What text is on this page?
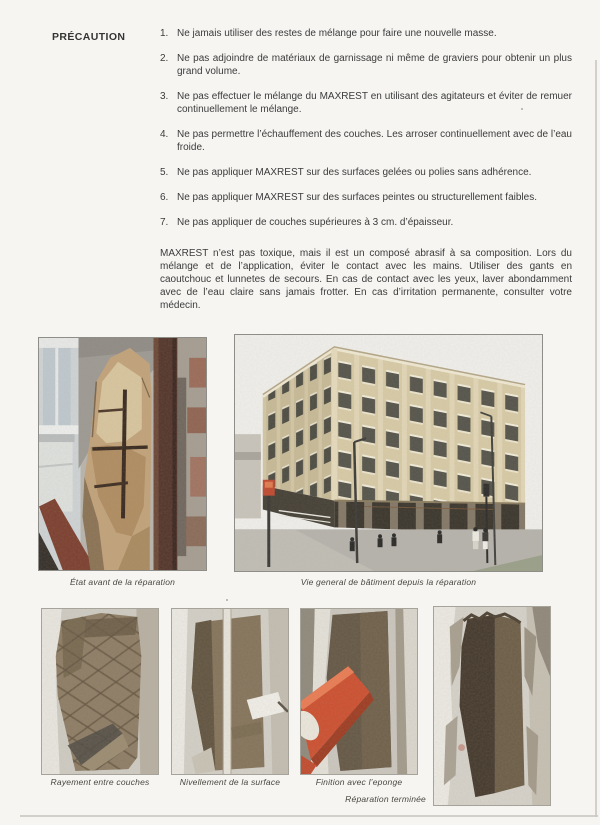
PRÉCAUTION	1. Ne jamais utiliser des restes de mélange pour faire une nouvelle masse.
2. Ne pas adjoindre de matériaux de garnissage ni même de graviers pour obtenir un plus grand volume.
3. Ne pas effectuer le mélange du MAXREST en utilisant des agitateurs et éviter de remuer continuellement le mélange.
4. Ne pas permettre l’échauffement des couches. Les arroser continuellement avec de l’eau froide.
5. Ne pas appliquer MAXREST sur des surfaces gelées ou polies sans adhérence.
6. Ne pas appliquer MAXREST sur des surfaces peintes ou structurellement faibles.
7. Ne pas appliquer de couches supérieures à 3 cm. d’épaisseur.
MAXREST n’est pas toxique, mais il est un composé abrasif à sa composition. Lors du mélange et de l’application, éviter le contact avec les mains. Utiliser des gants en caoutchouc et lunnetes de secours. En cas de contact avec les yeux, laver abondamment avec de l’eau claire sans jamais frotter. En cas d’irritation permanente, consulter votre médecin.
État avant de la réparation	Vie general de bâtiment depuis la réparation
Rayement entre couches	Nivellement de la surface	Finition avec l’eponge
Réparation terminée
